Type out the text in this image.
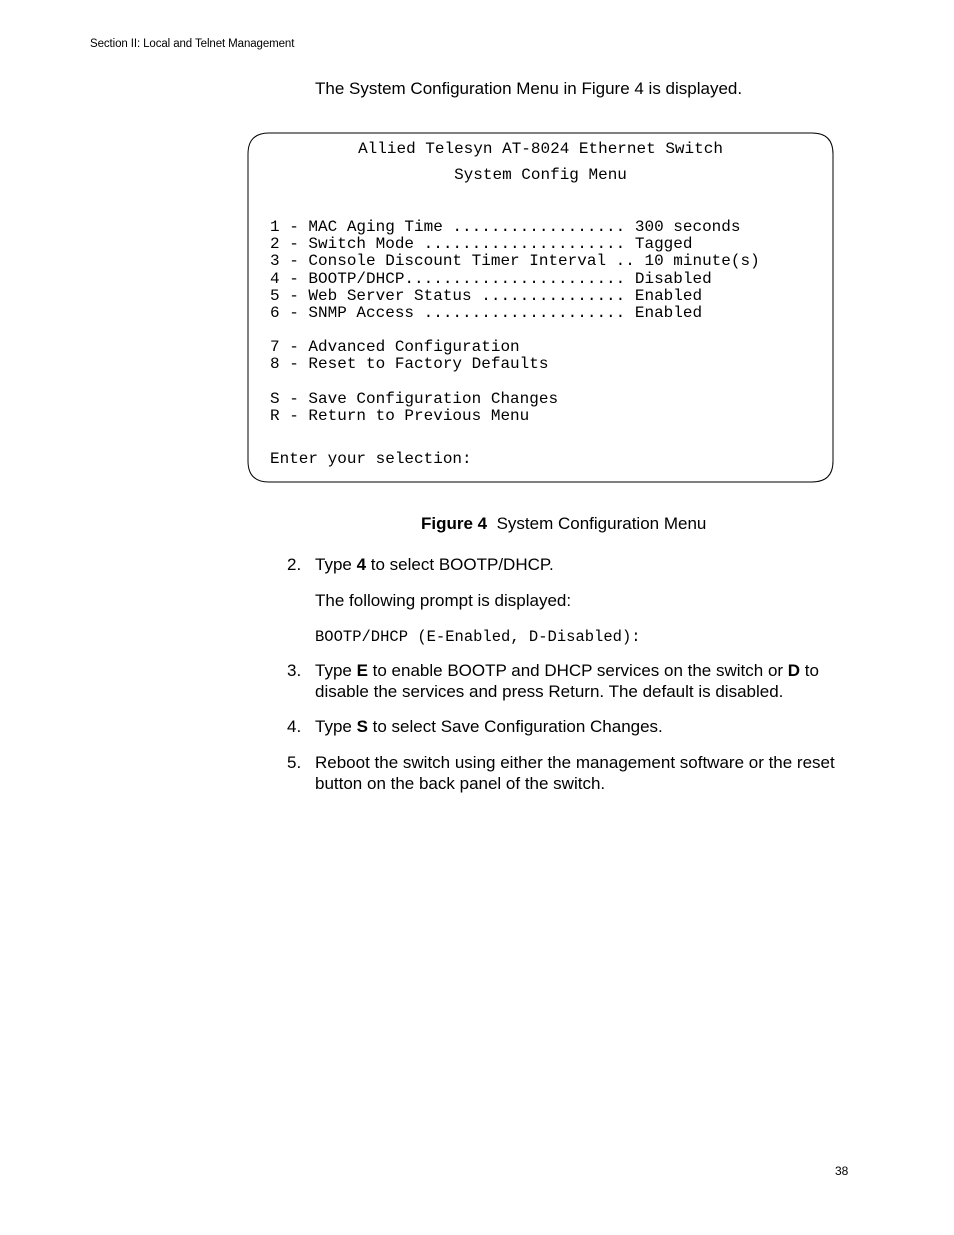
Section II: Local and Telnet Management
The System Configuration Menu in Figure 4 is displayed.
Allied Telesyn AT-8024 Ethernet Switch
System Config Menu

1 - MAC Aging Time .................. 300 seconds

2 - Switch Mode ..................... Tagged

3 - Console Discount Timer Interval .. 10 minute(s)

4 - BOOTP/DHCP....................... Disabled

5 - Web Server Status ............... Enabled

6 - SNMP Access ..................... Enabled

7 - Advanced Configuration

8 - Reset to Factory Defaults

S - Save Configuration Changes

R - Return to Previous Menu

Enter your selection:

Figure 4 System Configuration Menu
2. Type 4 to select BOOTP/DHCP.
The following prompt is displayed:
BOOTP/DHCP (E-Enabled, D-Disabled):
3. Type E to enable BOOTP and DHCP services on the switch or D to disable the services and press Return. The default is disabled.
4. Type S to select Save Configuration Changes.
5. Reboot the switch using either the management software or the reset button on the back panel of the switch.
38
